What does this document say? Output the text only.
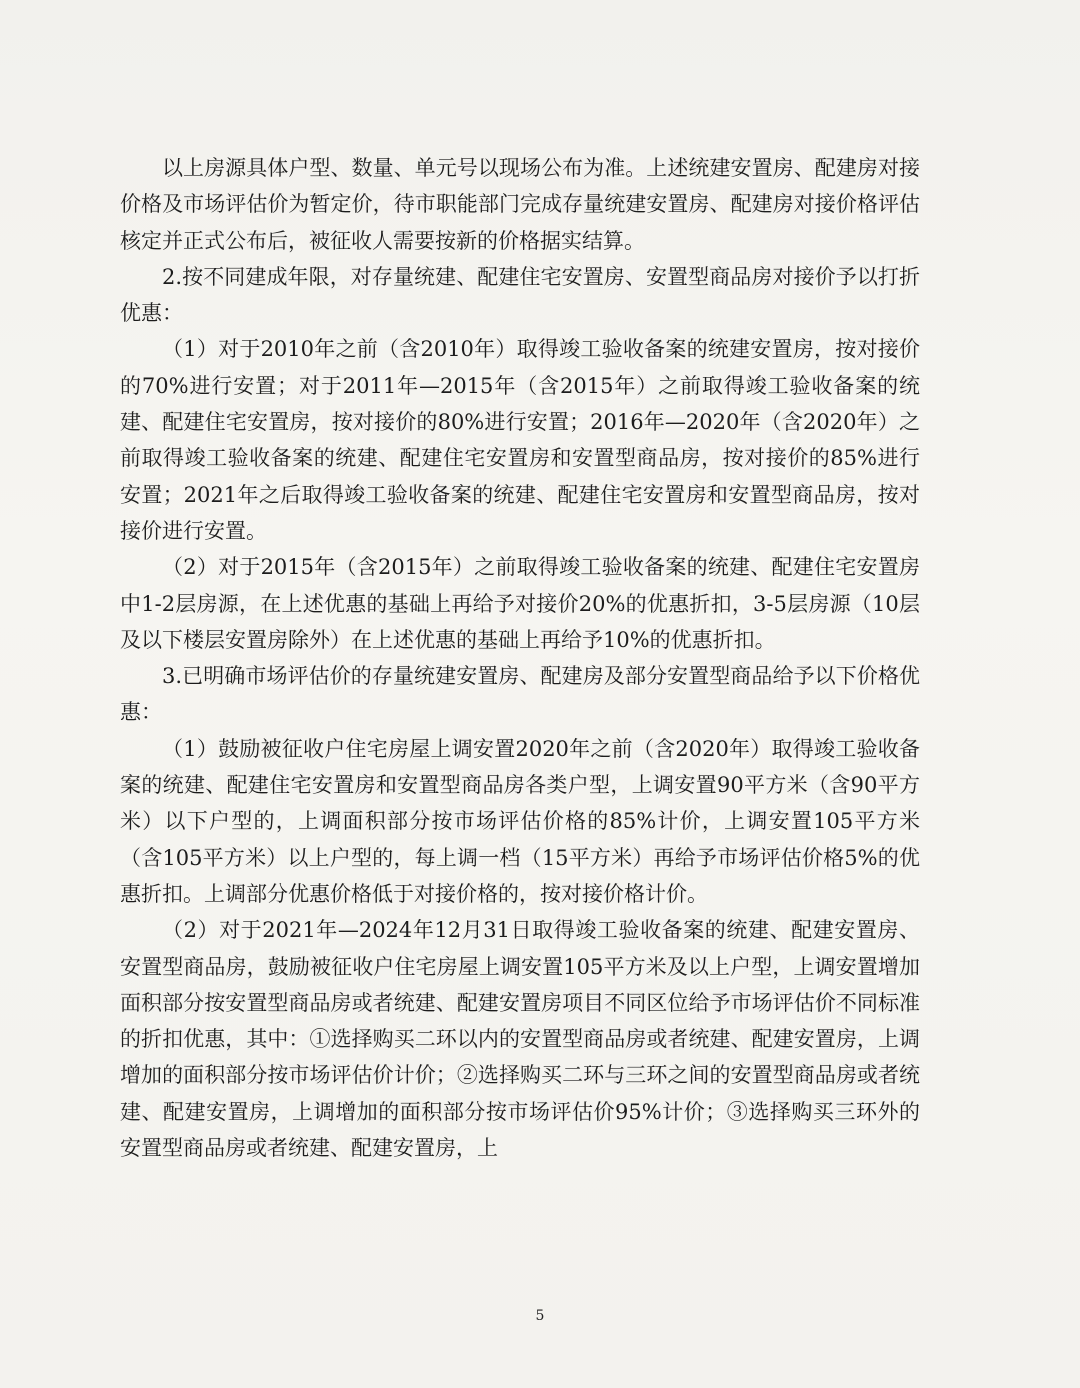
以上房源具体户型、数量、单元号以现场公布为准。上述统建安置房、配建房对接价格及市场评估价为暂定价，待市职能部门完成存量统建安置房、配建房对接价格评估核定并正式公布后，被征收人需要按新的价格据实结算。

2.按不同建成年限，对存量统建、配建住宅安置房、安置型商品房对接价予以打折优惠：

（1）对于2010年之前（含2010年）取得竣工验收备案的统建安置房，按对接价的70%进行安置；对于2011年—2015年（含2015年）之前取得竣工验收备案的统建、配建住宅安置房，按对接价的80%进行安置；2016年—2020年（含2020年）之前取得竣工验收备案的统建、配建住宅安置房和安置型商品房，按对接价的85%进行安置；2021年之后取得竣工验收备案的统建、配建住宅安置房和安置型商品房，按对接价进行安置。

（2）对于2015年（含2015年）之前取得竣工验收备案的统建、配建住宅安置房中1-2层房源，在上述优惠的基础上再给予对接价20%的优惠折扣，3-5层房源（10层及以下楼层安置房除外）在上述优惠的基础上再给予10%的优惠折扣。

3.已明确市场评估价的存量统建安置房、配建房及部分安置型商品给予以下价格优惠：

（1）鼓励被征收户住宅房屋上调安置2020年之前（含2020年）取得竣工验收备案的统建、配建住宅安置房和安置型商品房各类户型，上调安置90平方米（含90平方米）以下户型的，上调面积部分按市场评估价格的85%计价，上调安置105平方米（含105平方米）以上户型的，每上调一档（15平方米）再给予市场评估价格5%的优惠折扣。上调部分优惠价格低于对接价格的，按对接价格计价。

（2）对于2021年—2024年12月31日取得竣工验收备案的统建、配建安置房、安置型商品房，鼓励被征收户住宅房屋上调安置105平方米及以上户型，上调安置增加面积部分按安置型商品房或者统建、配建安置房项目不同区位给予市场评估价不同标准的折扣优惠，其中：①选择购买二环以内的安置型商品房或者统建、配建安置房，上调增加的面积部分按市场评估价计价；②选择购买二环与三环之间的安置型商品房或者统建、配建安置房，上调增加的面积部分按市场评估价95%计价；③选择购买三环外的安置型商品房或者统建、配建安置房，上

5
